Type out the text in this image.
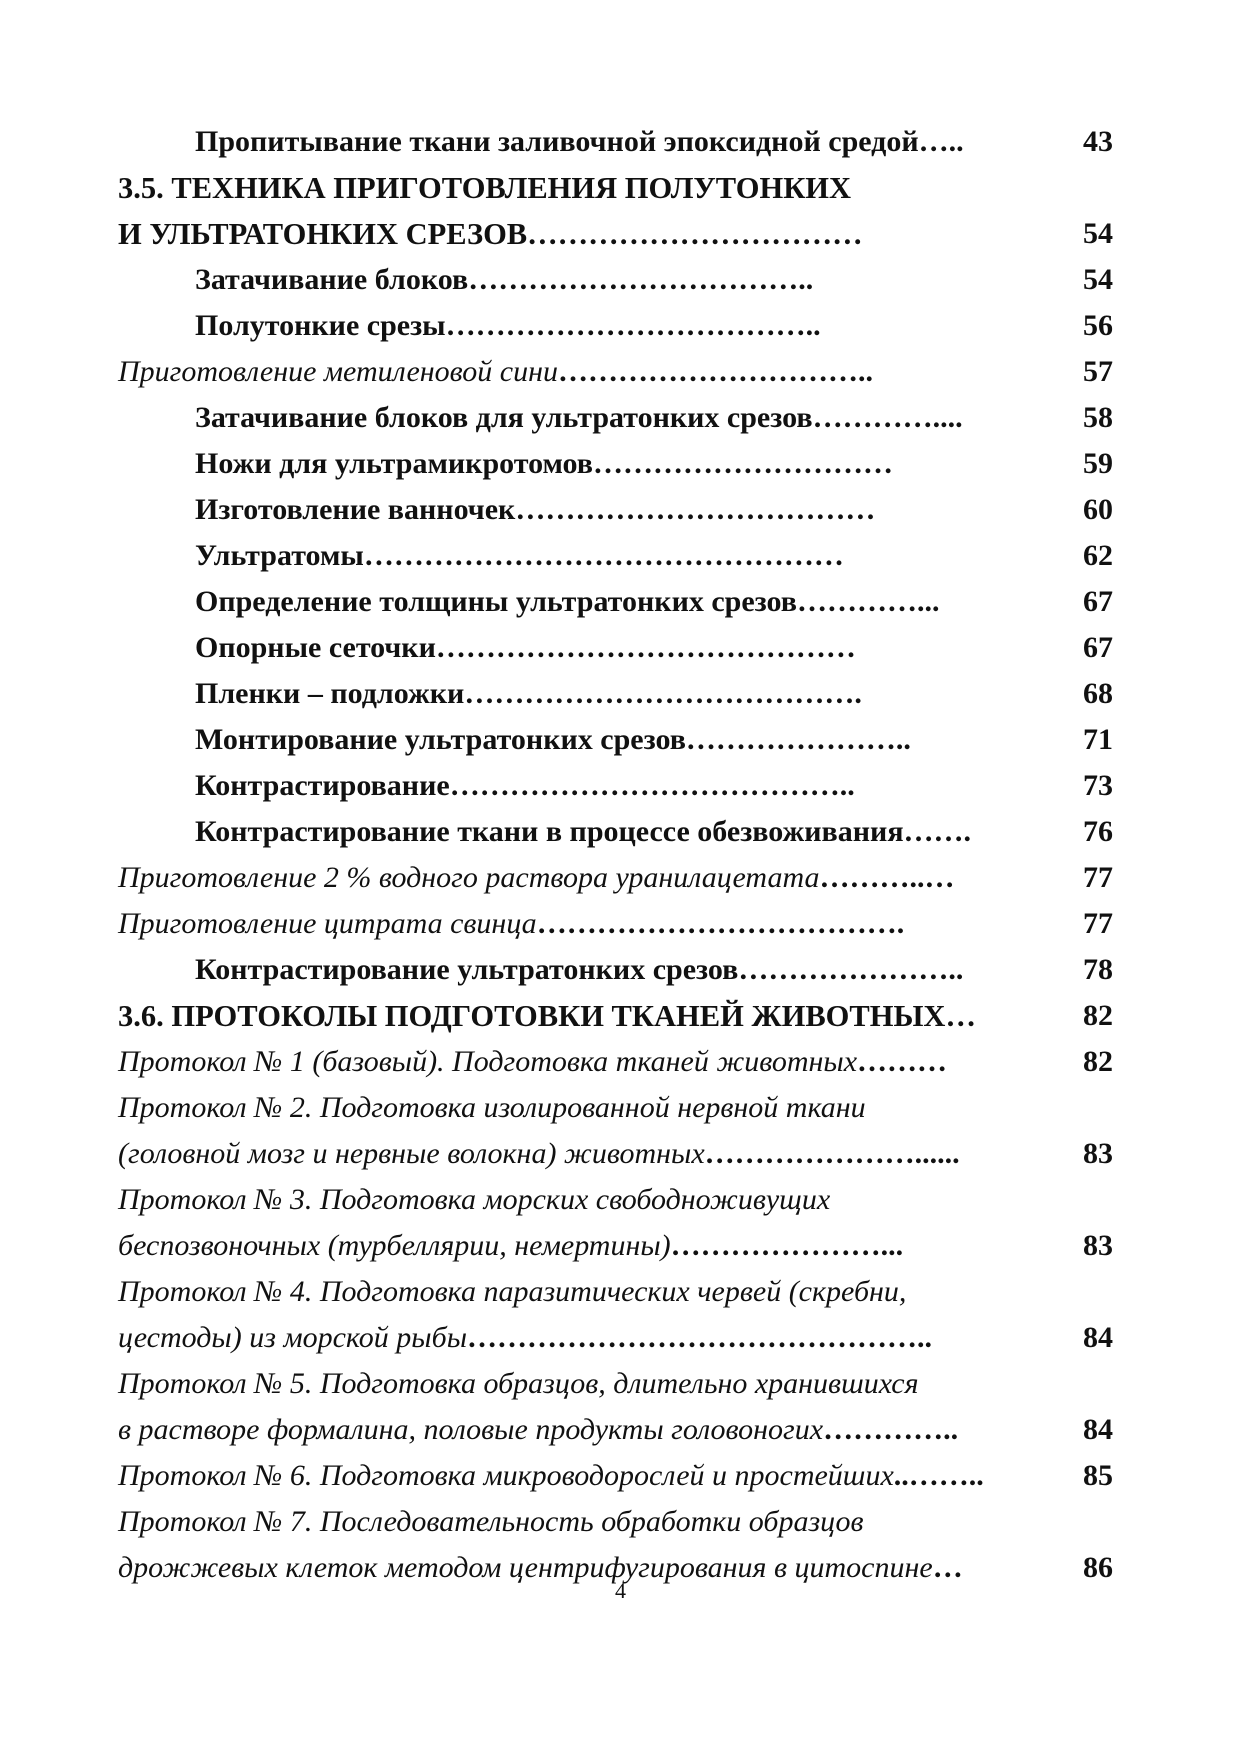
Пропитывание ткани заливочной эпоксидной средой…..	43
3.5. ТЕХНИКА ПРИГОТОВЛЕНИЯ ПОЛУТОНКИХ
И УЛЬТРАТОНКИХ СРЕЗОВ……………………………	54
Затачивание блоков……………………………..	54
Полутонкие срезы………………………………..	56
Приготовление метиленовой сини…………………………..	57
Затачивание блоков для ультратонких срезов…………....	58
Ножи для ультрамикротомов…………………………	59
Изготовление ванночек………………………………	60
Ультратомы…………………………………………	62
Определение толщины ультратонких срезов…………...	67
Опорные сеточки……………………………………	67
Пленки – подложки………………………………….	68
Монтирование ультратонких срезов…………………..	71
Контрастирование…………………………………..	73
Контрастирование ткани в процессе обезвоживания…….	76
Приготовление 2 % водного раствора уранилацетата………..…	77
Приготовление цитрата свинца……………………………….	77
Контрастирование ультратонких срезов…………………..	78
3.6. ПРОТОКОЛЫ ПОДГОТОВКИ ТКАНЕЙ ЖИВОТНЫХ…	82
Протокол № 1 (базовый). Подготовка тканей животных………	82
Протокол № 2. Подготовка изолированной нервной ткани
(головной мозг и нервные волокна) животных…………………......	83
Протокол № 3. Подготовка морских свободноживущих
беспозвоночных (турбеллярии, немертины)…………………...	83
Протокол № 4. Подготовка паразитических червей (скребни,
цестоды) из морской рыбы………………………………………..	84
Протокол № 5. Подготовка образцов, длительно хранившихся
в растворе формалина, половые продукты головоногих…………..	84
Протокол № 6. Подготовка микроводорослей и простейших..……..	85
Протокол № 7. Последовательность обработки образцов
дрожжевых клеток методом центрифугирования в цитоспине…	86
4
